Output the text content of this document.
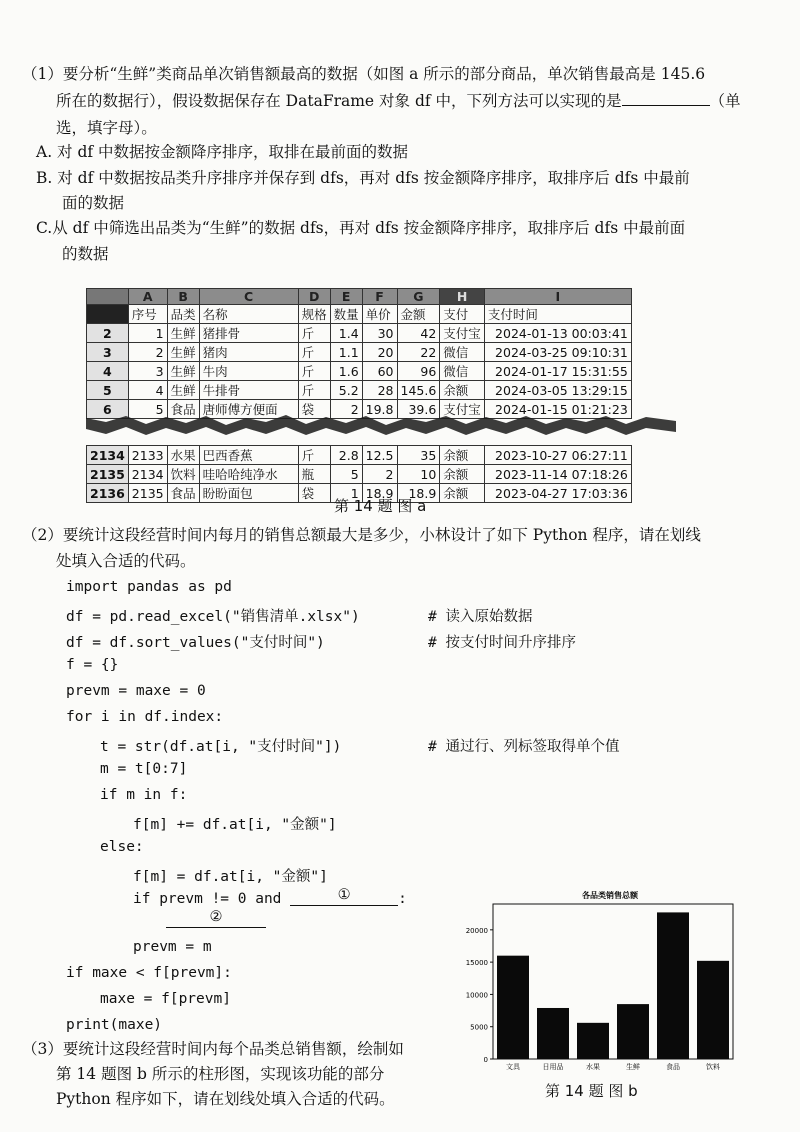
（1）要分析“生鲜”类商品单次销售额最高的数据（如图 a 所示的部分商品，单次销售最高是 145.6
所在的数据行），假设数据保存在 DataFrame 对象 df 中，下列方法可以实现的是	（单
选，填字母）。
A. 对 df 中数据按金额降序排序，取排在最前面的数据
B. 对 df 中数据按品类升序排序并保存到 dfs，再对 dfs 按金额降序排序，取排序后 dfs 中最前
面的数据
C.从 df 中筛选出品类为“生鲜”的数据 dfs，再对 dfs 按金额降序排序，取排序后 dfs 中最前面
的数据
	A	B	C	D	E	F	G	H	I
	序号	品类	名称	规格	数量	单价	金额	支付	支付时间
2	1	生鲜	猪排骨	斤	1.4	30	42	支付宝	2024-01-13 00:03:41
3	2	生鲜	猪肉	斤	1.1	20	22	微信	2024-03-25 09:10:31
4	3	生鲜	牛肉	斤	1.6	60	96	微信	2024-01-17 15:31:55
5	4	生鲜	牛排骨	斤	5.2	28	145.6	余额	2024-03-05 13:29:15
6	5	食品	唐师傅方便面	袋	2	19.8	39.6	支付宝	2024-01-15 01:21:23

2134	2133	水果	巴西香蕉	斤	2.8	12.5	35	余额	2023-10-27 06:27:11
2135	2134	饮料	哇哈哈纯净水	瓶	5	2	10	余额	2023-11-14 07:18:26
2136	2135	食品	盼盼面包	袋	1	18.9	18.9	余额	2023-04-27 17:03:36
第 14 题 图 a
（2）要统计这段经营时间内每月的销售总额最大是多少，小林设计了如下 Python 程序，请在划线
处填入合适的代码。
import pandas as pd
df = pd.read_excel("销售清单.xlsx")	# 读入原始数据
df = df.sort_values("支付时间")	# 按支付时间升序排序
f = {}
prevm = maxe = 0
for i in df.index:
t = str(df.at[i, "支付时间"])	# 通过行、列标签取得单个值
m = t[0:7]
if m in f:
f[m] += df.at[i, "金额"]
else:
f[m] = df.at[i, "金额"]
if prevm != 0 and	①	:
②
prevm = m
if maxe < f[prevm]:
maxe = f[prevm]
print(maxe)
（3）要统计这段经营时间内每个品类总销售额，绘制如
第 14 题图 b 所示的柱形图，实现该功能的部分
Python 程序如下，请在划线处填入合适的代码。
各品类销售总额
0
5000
10000
15000
20000
文具	日用品	水果	生鲜	食品	饮料
第 14 题 图 b
